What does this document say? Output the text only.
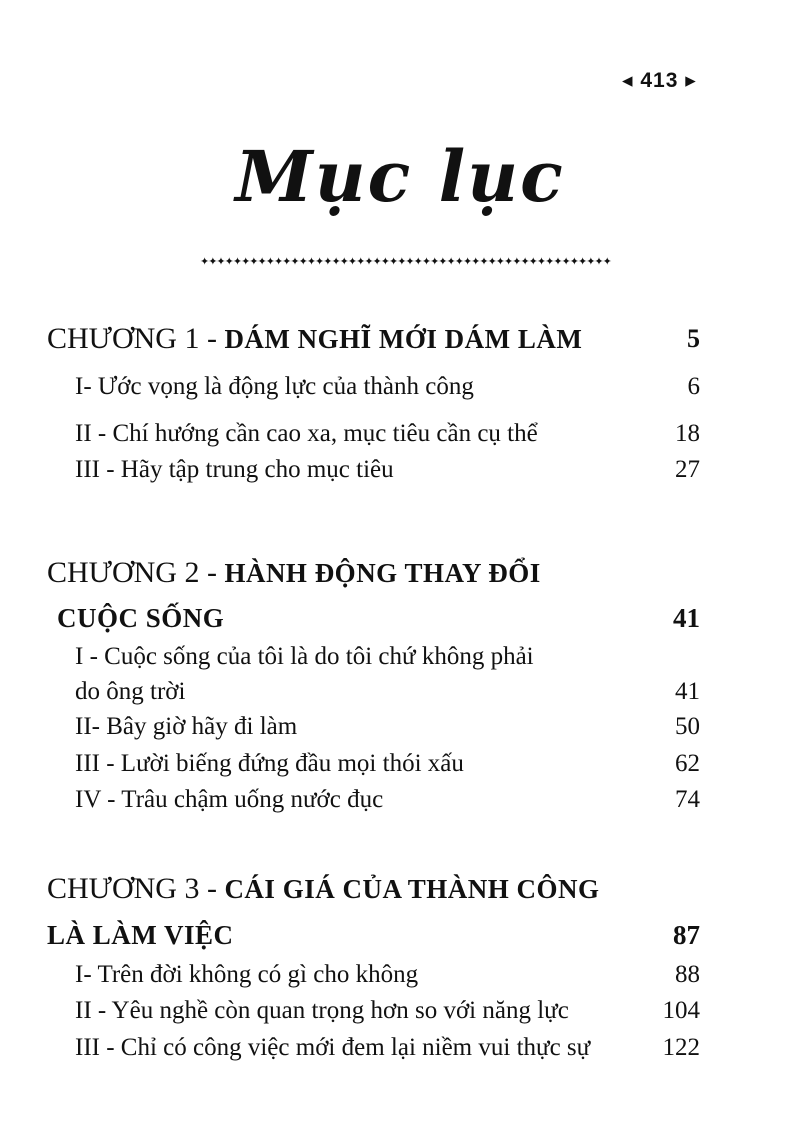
◂ 413 ▸
Mục lục
✦✦✦✦✦✦✦✦✦✦✦✦✦✦✦✦✦✦✦✦✦✦✦✦✦✦✦✦✦✦✦✦✦✦✦✦✦✦✦✦✦✦✦✦✦✦✦✦✦✦
CHƯƠNG 1 - DÁM NGHĨ MỚI DÁM LÀM	5
I- Ước vọng là động lực của thành công	6
II - Chí hướng cần cao xa, mục tiêu cần cụ thể	18
III - Hãy tập trung cho mục tiêu	27
CHƯƠNG 2 - HÀNH ĐỘNG THAY ĐỔI
CUỘC SỐNG	41
I - Cuộc sống của tôi là do tôi chứ không phải
do ông trời	41
II- Bây giờ hãy đi làm	50
III - Lười biếng đứng đầu mọi thói xấu	62
IV - Trâu chậm uống nước đục	74
CHƯƠNG 3 - CÁI GIÁ CỦA THÀNH CÔNG
LÀ LÀM VIỆC	87
I- Trên đời không có gì cho không	88
II - Yêu nghề còn quan trọng hơn so với năng lực	104
III - Chỉ có công việc mới đem lại niềm vui thực sự	122
